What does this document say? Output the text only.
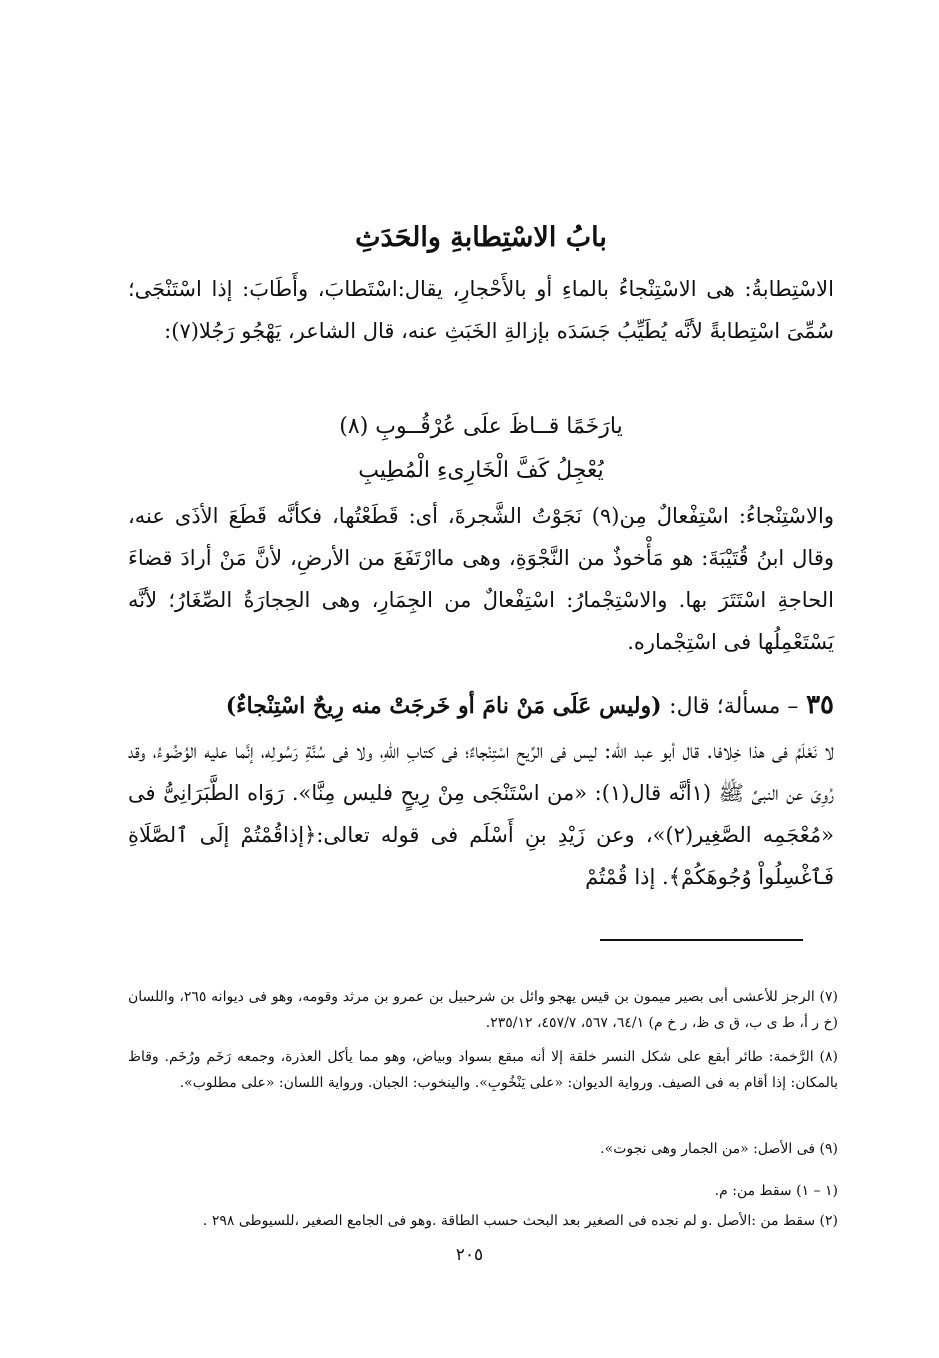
بابُ الاسْتِطابةِ والحَدَثِ

الاسْتِطابةُ: هى الاسْتِنْجاءُ بالماءِ أو بالأَحْجارِ، يقال:اسْتَطابَ، وأَطَابَ: إذا اسْتَنْجَى؛ سُمِّىَ اسْتِطابةً لأنَّه يُطَيِّبُ جَسَدَه بإزالةِ الخَبَثِ عنه، قال الشاعر، يَهْجُو رَجُلا(٧):

يارَخَمًا قــاظَ علَى عُرْقُــوبِ (٨)
يُعْجِلُ كَفَّ الْخَارِىءِ الْمُطِيبِ

والاسْتِنْجاءُ: اسْتِفْعالٌ مِن(٩) نَجَوْتُ الشَّجرةَ، أى: قَطَعْتُها، فكأنَّه قَطَعَ الأذَى عنه، وقال ابنُ قُتَيْبَةَ: هو مَأْخوذٌ من النَّجْوَةِ، وهى ماارْتَفَعَ من الأرضِ، لأنَّ مَنْ أرادَ قضاءَ الحاجةِ اسْتَتَرَ بها. والاسْتِجْمارُ: اسْتِفْعالٌ من الجِمَارِ، وهى الحِجارَةُ الصِّغَارُ؛ لأنَّه يَسْتَعْمِلُها فى اسْتِجْماره.

٣٥ – مسألة؛ قال: (وليس عَلَى مَنْ نامَ أو خَرجَتْ منه رِيحٌ اسْتِنْجاءٌ)

لا نَعْلَمُ فى هذا خِلافا. قال أبو عبد الله: ليس فى الرِّيح اسْتِنْجاءٌ؛ فى كتابِ اللهِ، ولا فى سُنَّةِ رَسُولِه، إنَّما عليه الوُضُوءُ، وقد رُوِىَ عن النبىِّ ﷺ (١أنَّه قال(١): «من اسْتَنْجَى مِنْ رِيحٍ فليس مِنَّا». رَوَاه الطَّبَرَانِىُّ فى «مُعْجَمِه الصَّغِير(٢)»، وعن زَيْدِ بنِ أَسْلَم فى قوله تعالى:﴿إذاقُمْتُمْ إلَى ٱلصَّلَاةِ فَٱغْسِلُواْ وُجُوهَكُمْ﴾. إذا قُمْتُمْ

(٧) الرجز للأعشى أبى بصير ميمون بن قيس يهجو وائل بن شرحبيل بن عمرو بن مرثد وقومه، وهو فى ديوانه ٢٦٥، واللسان (خ ر أ، ط ى ب، ق ى ظ، ر خ م) ٦٤/١، ٥٦٧، ٤٥٧/٧، ٢٣٥/١٢.
(٨) الرَّخمة: طائر أبقع على شكل النسر خلقة إلا أنه مبقع بسواد وبياض، وهو مما يأكل العذرة، وجمعه رَخَم ورُخَم. وقاظ بالمكان: إذا أقام به فى الصيف. ورواية الديوان: «على يَنْخُوبِ». والينخوب: الجبان. ورواية اللسان: «على مطلوب».
(٩) فى الأصل: «من الجمار وهى نجوت».
(١ – ١) سقط من: م.
(٢) سقط من :الأصل .و لم نجده فى الصغير بعد البحث حسب الطاقة .وهو فى الجامع الصغير ،للسيوطى ٢٩٨ .
٢٠٥
